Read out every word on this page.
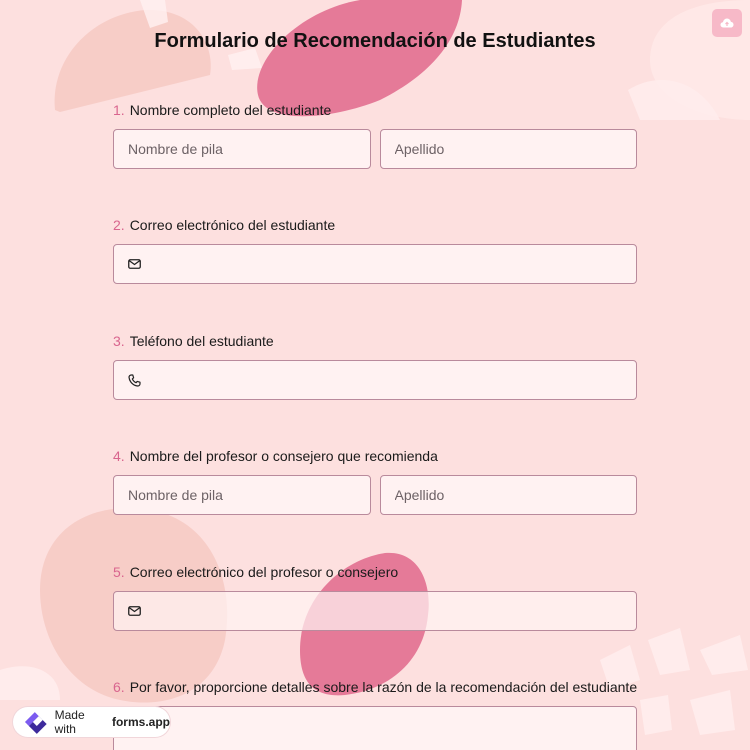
Formulario de Recomendación de Estudiantes
1. Nombre completo del estudiante
Nombre de pila
Apellido
2. Correo electrónico del estudiante
3. Teléfono del estudiante
4. Nombre del profesor o consejero que recomienda
Nombre de pila
Apellido
5. Correo electrónico del profesor o consejero
6. Por favor, proporcione detalles sobre la razón de la recomendación del estudiante
Made with
	forms.app
